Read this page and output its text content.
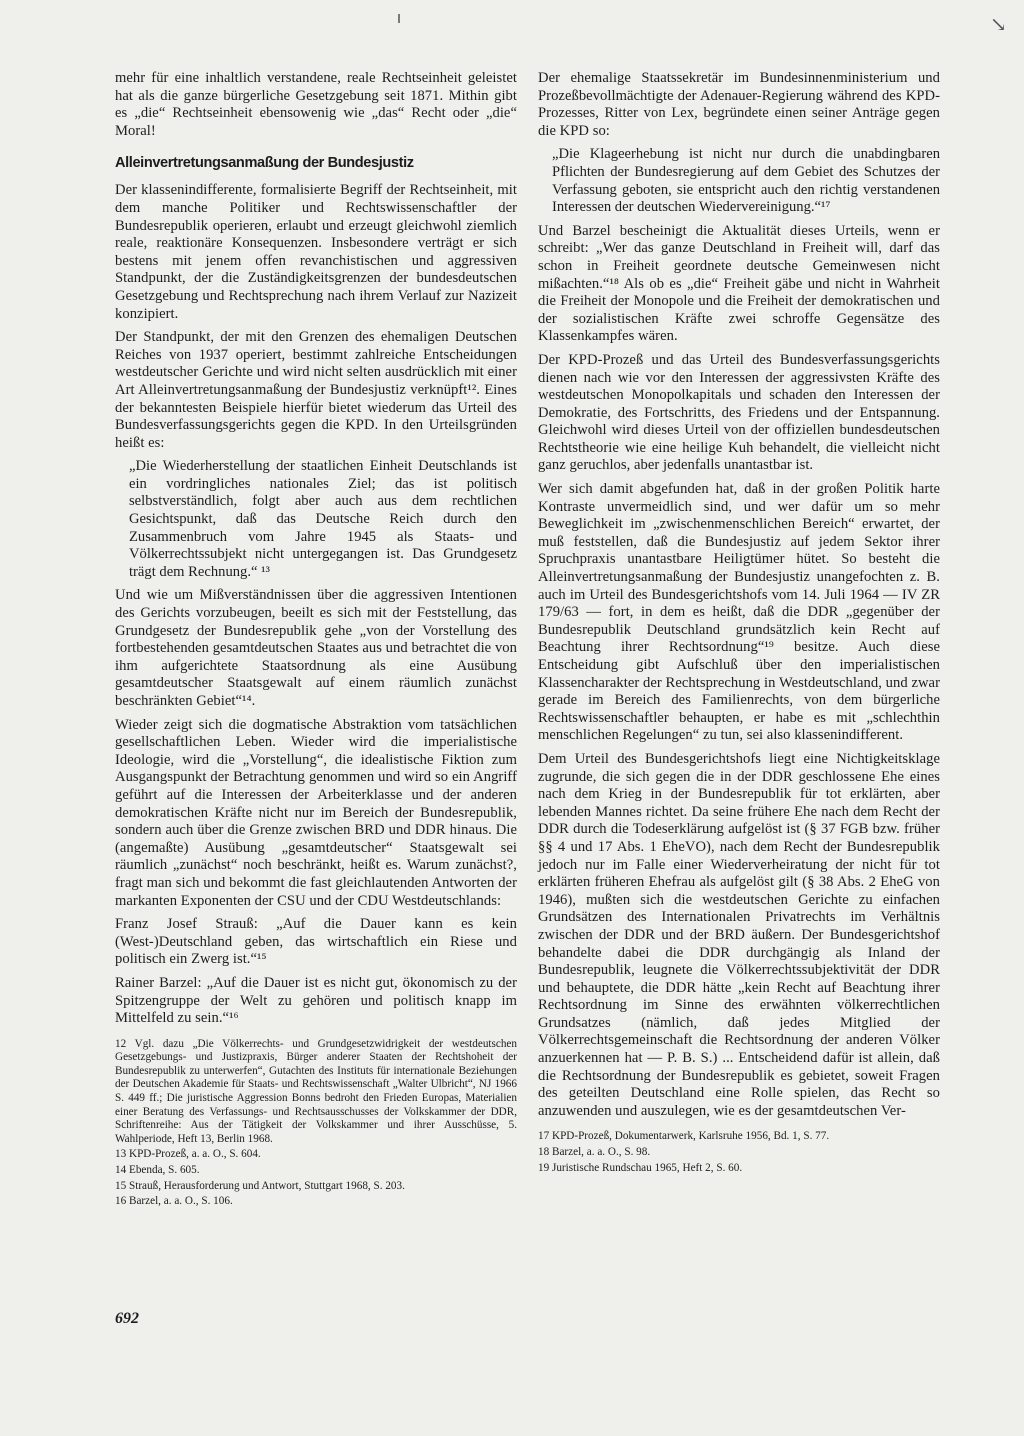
↘

mehr für eine inhaltlich verstandene, reale Rechtseinheit geleistet hat als die ganze bürgerliche Gesetzgebung seit 1871. Mithin gibt es „die“ Rechtseinheit ebensowenig wie „das“ Recht oder „die“ Moral!

Alleinvertretungsanmaßung der Bundesjustiz

Der klassenindifferente, formalisierte Begriff der Rechtseinheit, mit dem manche Politiker und Rechtswissenschaftler der Bundesrepublik operieren, erlaubt und erzeugt gleichwohl ziemlich reale, reaktionäre Konsequenzen. Insbesondere verträgt er sich bestens mit jenem offen revanchistischen und aggressiven Standpunkt, der die Zuständigkeitsgrenzen der bundesdeutschen Gesetzgebung und Rechtsprechung nach ihrem Verlauf zur Nazizeit konzipiert.

Der Standpunkt, der mit den Grenzen des ehemaligen Deutschen Reiches von 1937 operiert, bestimmt zahlreiche Entscheidungen westdeutscher Gerichte und wird nicht selten ausdrücklich mit einer Art Alleinvertretungsanmaßung der Bundesjustiz verknüpft¹². Eines der bekanntesten Beispiele hierfür bietet wiederum das Urteil des Bundesverfassungsgerichts gegen die KPD. In den Urteilsgründen heißt es:

„Die Wiederherstellung der staatlichen Einheit Deutschlands ist ein vordringliches nationales Ziel; das ist politisch selbstverständlich, folgt aber auch aus dem rechtlichen Gesichtspunkt, daß das Deutsche Reich durch den Zusammenbruch vom Jahre 1945 als Staats- und Völkerrechtssubjekt nicht untergegangen ist. Das Grundgesetz trägt dem Rechnung.“ ¹³

Und wie um Mißverständnissen über die aggressiven Intentionen des Gerichts vorzubeugen, beeilt es sich mit der Feststellung, das Grundgesetz der Bundesrepublik gehe „von der Vorstellung des fortbestehenden gesamtdeutschen Staates aus und betrachtet die von ihm aufgerichtete Staatsordnung als eine Ausübung gesamtdeutscher Staatsgewalt auf einem räumlich zunächst beschränkten Gebiet“¹⁴.

Wieder zeigt sich die dogmatische Abstraktion vom tatsächlichen gesellschaftlichen Leben. Wieder wird die imperialistische Ideologie, wird die „Vorstellung“, die idealistische Fiktion zum Ausgangspunkt der Betrachtung genommen und wird so ein Angriff geführt auf die Interessen der Arbeiterklasse und der anderen demokratischen Kräfte nicht nur im Bereich der Bundesrepublik, sondern auch über die Grenze zwischen BRD und DDR hinaus. Die (angemaßte) Ausübung „gesamtdeutscher“ Staatsgewalt sei räumlich „zunächst“ noch beschränkt, heißt es. Warum zunächst?, fragt man sich und bekommt die fast gleichlautenden Antworten der markanten Exponenten der CSU und der CDU Westdeutschlands:

Franz Josef Strauß: „Auf die Dauer kann es kein (West-)Deutschland geben, das wirtschaftlich ein Riese und politisch ein Zwerg ist.“¹⁵

Rainer Barzel: „Auf die Dauer ist es nicht gut, ökonomisch zu der Spitzengruppe der Welt zu gehören und politisch knapp im Mittelfeld zu sein.“¹⁶

12 Vgl. dazu „Die Völkerrechts- und Grundgesetzwidrigkeit der westdeutschen Gesetzgebungs- und Justizpraxis, Bürger anderer Staaten der Rechtshoheit der Bundesrepublik zu unterwerfen“, Gutachten des Instituts für internationale Beziehungen der Deutschen Akademie für Staats- und Rechtswissenschaft „Walter Ulbricht“, NJ 1966 S. 449 ff.; Die juristische Aggression Bonns bedroht den Frieden Europas, Materialien einer Beratung des Verfassungs- und Rechtsausschusses der Volkskammer der DDR, Schriftenreihe: Aus der Tätigkeit der Volkskammer und ihrer Ausschüsse, 5. Wahlperiode, Heft 13, Berlin 1968.

13 KPD-Prozeß, a. a. O., S. 604.

14 Ebenda, S. 605.

15 Strauß, Herausforderung und Antwort, Stuttgart 1968, S. 203.

16 Barzel, a. a. O., S. 106.

Der ehemalige Staatssekretär im Bundesinnenministerium und Prozeßbevollmächtigte der Adenauer-Regierung während des KPD-Prozesses, Ritter von Lex, begründete einen seiner Anträge gegen die KPD so:

„Die Klageerhebung ist nicht nur durch die unabdingbaren Pflichten der Bundesregierung auf dem Gebiet des Schutzes der Verfassung geboten, sie entspricht auch den richtig verstandenen Interessen der deutschen Wiedervereinigung.“¹⁷

Und Barzel bescheinigt die Aktualität dieses Urteils, wenn er schreibt: „Wer das ganze Deutschland in Freiheit will, darf das schon in Freiheit geordnete deutsche Gemeinwesen nicht mißachten.“¹⁸ Als ob es „die“ Freiheit gäbe und nicht in Wahrheit die Freiheit der Monopole und die Freiheit der demokratischen und der sozialistischen Kräfte zwei schroffe Gegensätze des Klassenkampfes wären.

Der KPD-Prozeß und das Urteil des Bundesverfassungsgerichts dienen nach wie vor den Interessen der aggressivsten Kräfte des westdeutschen Monopolkapitals und schaden den Interessen der Demokratie, des Fortschritts, des Friedens und der Entspannung. Gleichwohl wird dieses Urteil von der offiziellen bundesdeutschen Rechtstheorie wie eine heilige Kuh behandelt, die vielleicht nicht ganz geruchlos, aber jedenfalls unantastbar ist.

Wer sich damit abgefunden hat, daß in der großen Politik harte Kontraste unvermeidlich sind, und wer dafür um so mehr Beweglichkeit im „zwischenmenschlichen Bereich“ erwartet, der muß feststellen, daß die Bundesjustiz auf jedem Sektor ihrer Spruchpraxis unantastbare Heiligtümer hütet. So besteht die Alleinvertretungsanmaßung der Bundesjustiz unangefochten z. B. auch im Urteil des Bundesgerichtshofs vom 14. Juli 1964 — IV ZR 179/63 — fort, in dem es heißt, daß die DDR „gegenüber der Bundesrepublik Deutschland grundsätzlich kein Recht auf Beachtung ihrer Rechtsordnung“¹⁹ besitze. Auch diese Entscheidung gibt Aufschluß über den imperialistischen Klassencharakter der Rechtsprechung in Westdeutschland, und zwar gerade im Bereich des Familienrechts, von dem bürgerliche Rechtswissenschaftler behaupten, er habe es mit „schlechthin menschlichen Regelungen“ zu tun, sei also klassenindifferent.

Dem Urteil des Bundesgerichtshofs liegt eine Nichtigkeitsklage zugrunde, die sich gegen die in der DDR geschlossene Ehe eines nach dem Krieg in der Bundesrepublik für tot erklärten, aber lebenden Mannes richtet. Da seine frühere Ehe nach dem Recht der DDR durch die Todeserklärung aufgelöst ist (§ 37 FGB bzw. früher §§ 4 und 17 Abs. 1 EheVO), nach dem Recht der Bundesrepublik jedoch nur im Falle einer Wiederverheiratung der nicht für tot erklärten früheren Ehefrau als aufgelöst gilt (§ 38 Abs. 2 EheG von 1946), mußten sich die westdeutschen Gerichte zu einfachen Grundsätzen des Internationalen Privatrechts im Verhältnis zwischen der DDR und der BRD äußern. Der Bundesgerichtshof behandelte dabei die DDR durchgängig als Inland der Bundesrepublik, leugnete die Völkerrechtssubjektivität der DDR und behauptete, die DDR hätte „kein Recht auf Beachtung ihrer Rechtsordnung im Sinne des erwähnten völkerrechtlichen Grundsatzes (nämlich, daß jedes Mitglied der Völkerrechtsgemeinschaft die Rechtsordnung der anderen Völker anzuerkennen hat — P. B. S.) ... Entscheidend dafür ist allein, daß die Rechtsordnung der Bundesrepublik es gebietet, soweit Fragen des geteilten Deutschland eine Rolle spielen, das Recht so anzuwenden und auszulegen, wie es der gesamtdeutschen Ver-

17 KPD-Prozeß, Dokumentarwerk, Karlsruhe 1956, Bd. 1, S. 77.

18 Barzel, a. a. O., S. 98.

19 Juristische Rundschau 1965, Heft 2, S. 60.

692
